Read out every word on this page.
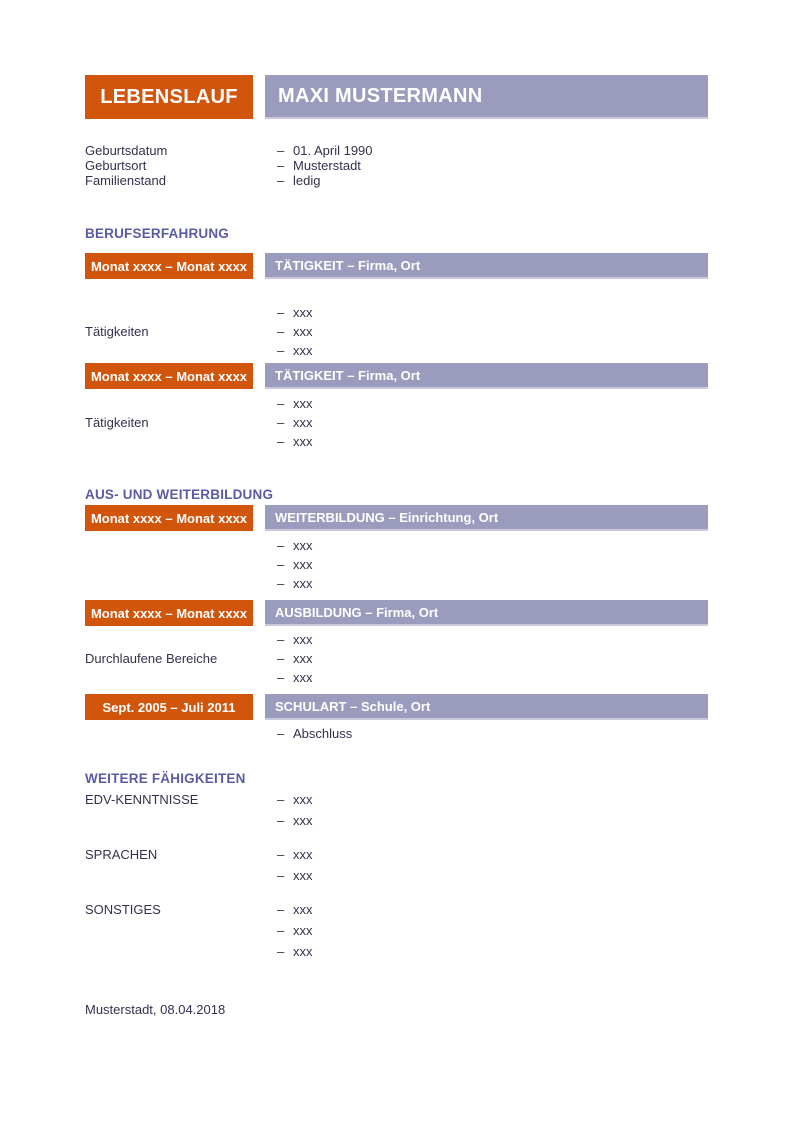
LEBENSLAUF	MAXI MUSTERMANN
Geburtsdatum	– 01. April 1990
Geburtsort	– Musterstadt
Familienstand	– ledig
BERUFSERFAHRUNG
Monat xxxx – Monat xxxx	TÄTIGKEIT – Firma, Ort
Tätigkeiten
– xxx
– xxx
– xxx
Monat xxxx – Monat xxxx	TÄTIGKEIT – Firma, Ort
Tätigkeiten
– xxx
– xxx
– xxx
AUS- UND WEITERBILDUNG
Monat xxxx – Monat xxxx	WEITERBILDUNG – Einrichtung, Ort
– xxx
– xxx
– xxx
Monat xxxx – Monat xxxx	AUSBILDUNG – Firma, Ort
Durchlaufene Bereiche
– xxx
– xxx
– xxx
Sept. 2005 – Juli 2011	SCHULART – Schule, Ort
– Abschluss
WEITERE FÄHIGKEITEN
EDV-KENNTNISSE	– xxx
– xxx
SPRACHEN	– xxx
– xxx
SONSTIGES	– xxx
– xxx
– xxx
Musterstadt, 08.04.2018
